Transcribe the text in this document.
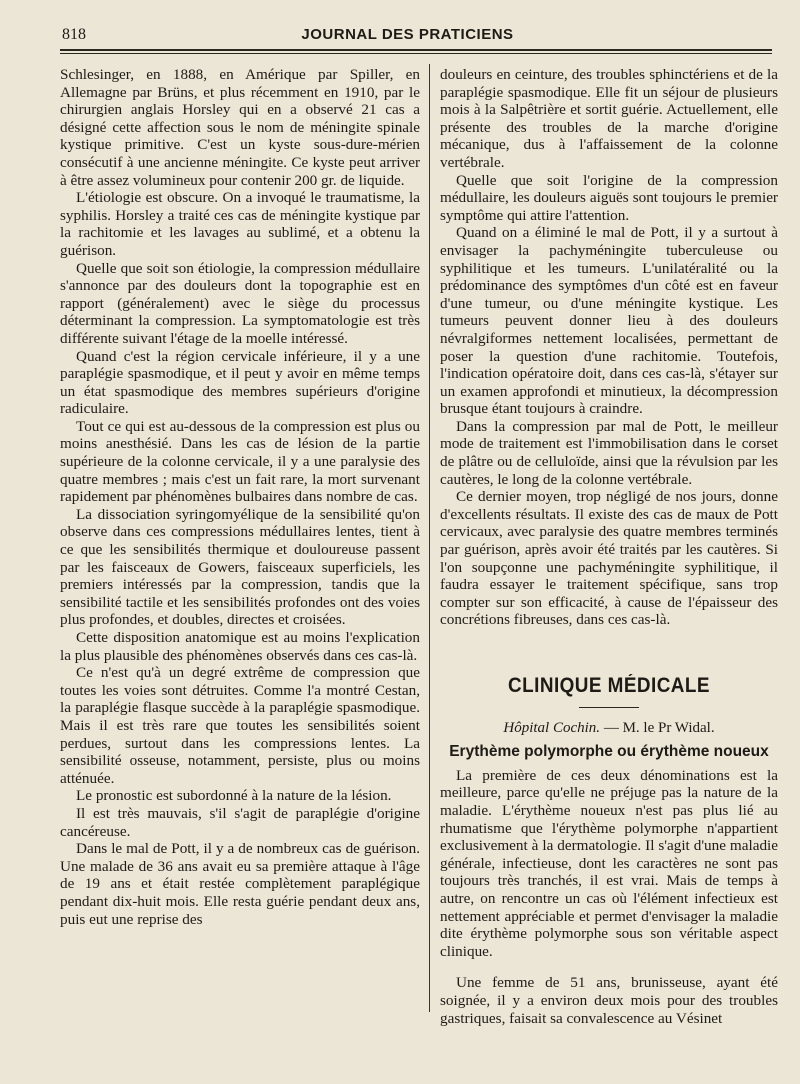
818	JOURNAL DES PRATICIENS

Schlesinger, en 1888, en Amérique par Spiller, en Allemagne par Brüns, et plus récemment en 1910, par le chirurgien anglais Horsley qui en a observé 21 cas a désigné cette affection sous le nom de méningite spinale kystique primitive. C'est un kyste sous-dure-mérien consécutif à une ancienne méningite. Ce kyste peut arriver à être assez volumineux pour contenir 200 gr. de liquide.

L'étiologie est obscure. On a invoqué le traumatisme, la syphilis. Horsley a traité ces cas de méningite kystique par la rachitomie et les lavages au sublimé, et a obtenu la guérison.

Quelle que soit son étiologie, la compression médullaire s'annonce par des douleurs dont la topographie est en rapport (généralement) avec le siège du processus déterminant la compression. La symptomatologie est très différente suivant l'étage de la moelle intéressé.

Quand c'est la région cervicale inférieure, il y a une paraplégie spasmodique, et il peut y avoir en même temps un état spasmodique des membres supérieurs d'origine radiculaire.

Tout ce qui est au-dessous de la compression est plus ou moins anesthésié. Dans les cas de lésion de la partie supérieure de la colonne cervicale, il y a une paralysie des quatre membres ; mais c'est un fait rare, la mort survenant rapidement par phénomènes bulbaires dans nombre de cas.

La dissociation syringomyélique de la sensibilité qu'on observe dans ces compressions médullaires lentes, tient à ce que les sensibilités thermique et douloureuse passent par les faisceaux de Gowers, faisceaux superficiels, les premiers intéressés par la compression, tandis que la sensibilité tactile et les sensibilités profondes ont des voies plus profondes, et doubles, directes et croisées.

Cette disposition anatomique est au moins l'explication la plus plausible des phénomènes observés dans ces cas-là.

Ce n'est qu'à un degré extrême de compression que toutes les voies sont détruites. Comme l'a montré Cestan, la paraplégie flasque succède à la paraplégie spasmodique. Mais il est très rare que toutes les sensibilités soient perdues, surtout dans les compressions lentes. La sensibilité osseuse, notamment, persiste, plus ou moins atténuée.

Le pronostic est subordonné à la nature de la lésion.

Il est très mauvais, s'il s'agit de paraplégie d'origine cancéreuse.

Dans le mal de Pott, il y a de nombreux cas de guérison. Une malade de 36 ans avait eu sa première attaque à l'âge de 19 ans et était restée complètement paraplégique pendant dix-huit mois. Elle resta guérie pendant deux ans, puis eut une reprise des

douleurs en ceinture, des troubles sphinctériens et de la paraplégie spasmodique. Elle fit un séjour de plusieurs mois à la Salpêtrière et sortit guérie. Actuellement, elle présente des troubles de la marche d'origine mécanique, dus à l'affaissement de la colonne vertébrale.

Quelle que soit l'origine de la compression médullaire, les douleurs aiguës sont toujours le premier symptôme qui attire l'attention.

Quand on a éliminé le mal de Pott, il y a surtout à envisager la pachyméningite tuberculeuse ou syphilitique et les tumeurs. L'unilatéralité ou la prédominance des symptômes d'un côté est en faveur d'une tumeur, ou d'une méningite kystique. Les tumeurs peuvent donner lieu à des douleurs névralgiformes nettement localisées, permettant de poser la question d'une rachitomie. Toutefois, l'indication opératoire doit, dans ces cas-là, s'étayer sur un examen approfondi et minutieux, la décompression brusque étant toujours à craindre.

Dans la compression par mal de Pott, le meilleur mode de traitement est l'immobilisation dans le corset de plâtre ou de celluloïde, ainsi que la révulsion par les cautères, le long de la colonne vertébrale.

Ce dernier moyen, trop négligé de nos jours, donne d'excellents résultats. Il existe des cas de maux de Pott cervicaux, avec paralysie des quatre membres terminés par guérison, après avoir été traités par les cautères. Si l'on soupçonne une pachyméningite syphilitique, il faudra essayer le traitement spécifique, sans trop compter sur son efficacité, à cause de l'épaisseur des concrétions fibreuses, dans ces cas-là.

CLINIQUE MÉDICALE
Hôpital Cochin. — M. le Pr Widal.
Erythème polymorphe ou érythème noueux

La première de ces deux dénominations est la meilleure, parce qu'elle ne préjuge pas la nature de la maladie. L'érythème noueux n'est pas plus lié au rhumatisme que l'érythème polymorphe n'appartient exclusivement à la dermatologie. Il s'agit d'une maladie générale, infectieuse, dont les caractères ne sont pas toujours très tranchés, il est vrai. Mais de temps à autre, on rencontre un cas où l'élément infectieux est nettement appréciable et permet d'envisager la maladie dite érythème polymorphe sous son véritable aspect clinique.

Une femme de 51 ans, brunisseuse, ayant été soignée, il y a environ deux mois pour des troubles gastriques, faisait sa convalescence au Vésinet
